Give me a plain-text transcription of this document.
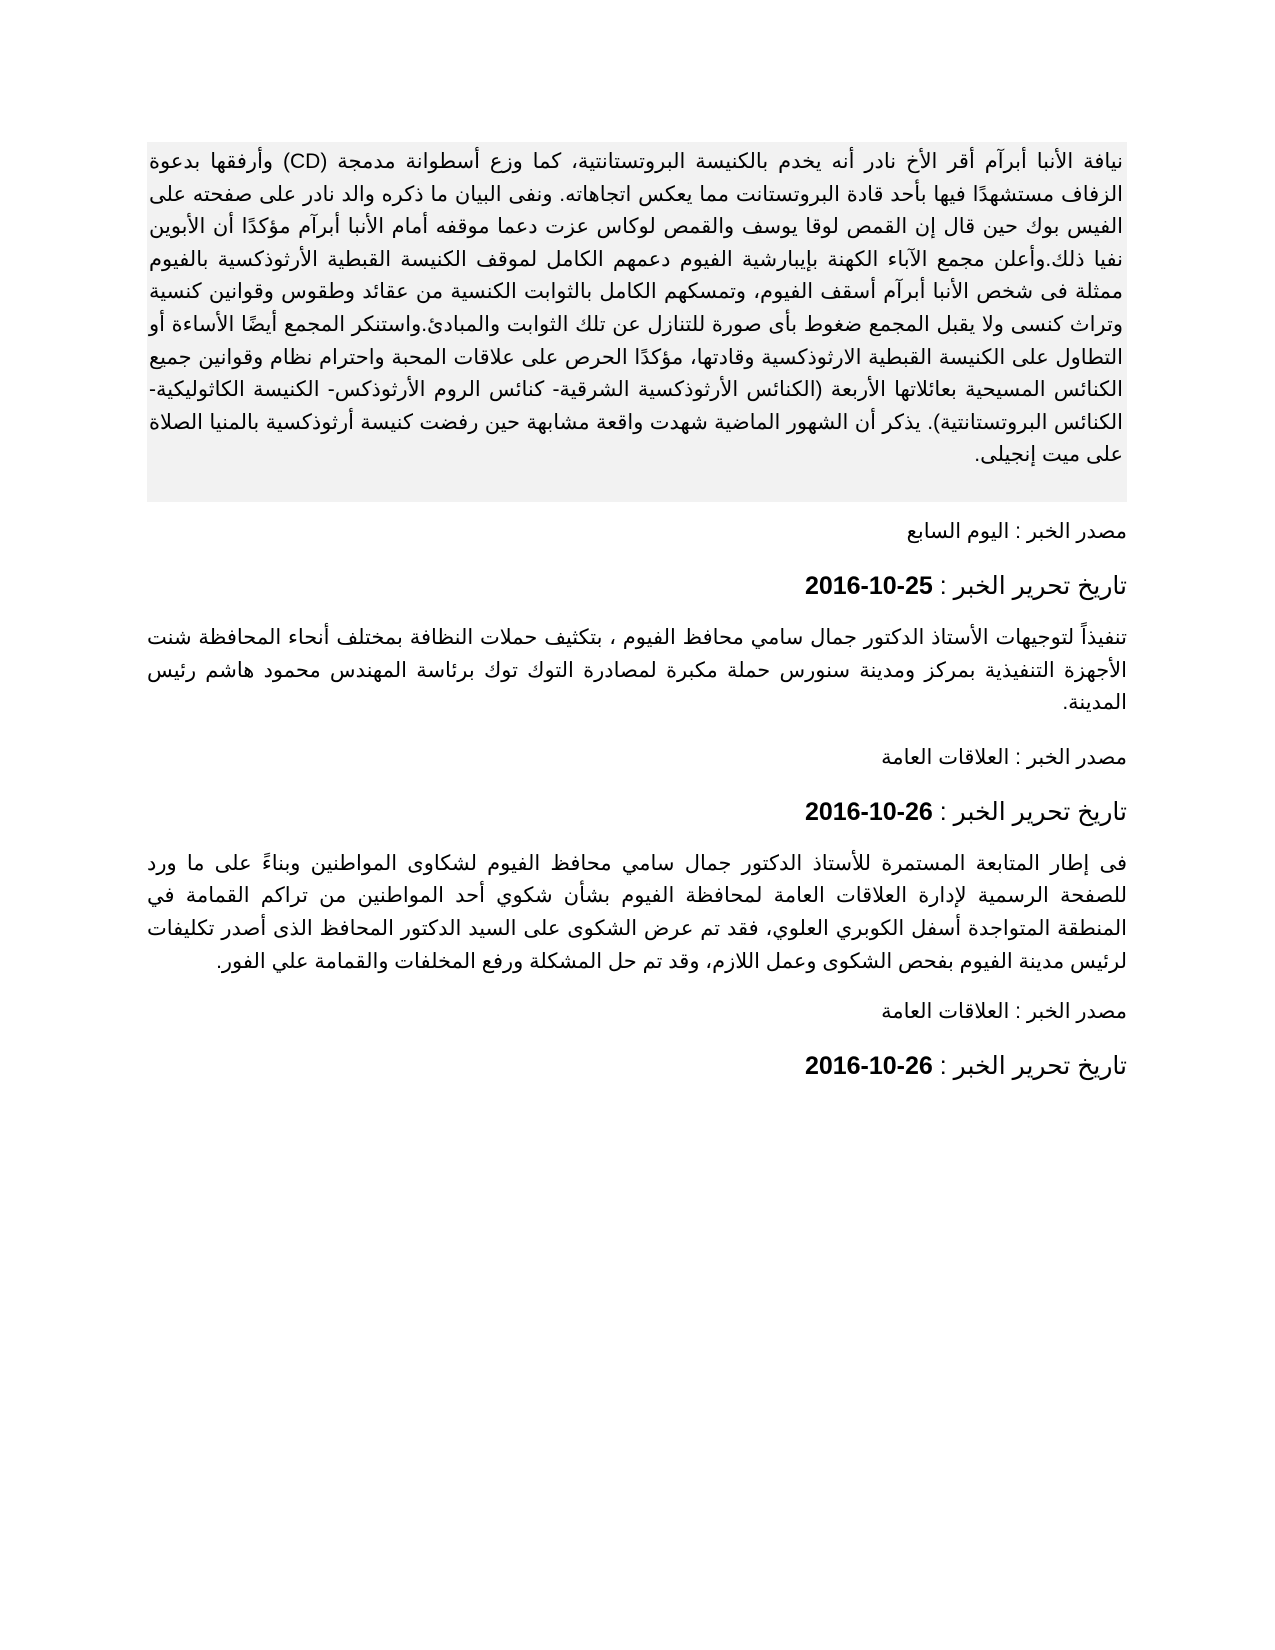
نيافة الأنبا أبرآم أقر الأخ نادر أنه يخدم بالكنيسة البروتستانتية، كما وزع أسطوانة مدمجة (CD) وأرفقها بدعوة الزفاف مستشهدًا فيها بأحد قادة البروتستانت مما يعكس اتجاهاته. ونفى البيان ما ذكره والد نادر على صفحته على الفيس بوك حين قال إن القمص لوقا يوسف والقمص لوكاس عزت دعما موقفه أمام الأنبا أبرآم مؤكدًا أن الأبوين نفيا ذلك.وأعلن مجمع الآباء الكهنة بإيبارشية الفيوم دعمهم الكامل لموقف الكنيسة القبطية الأرثوذكسية بالفيوم ممثلة فى شخص الأنبا أبرآم أسقف الفيوم، وتمسكهم الكامل بالثوابت الكنسية من عقائد وطقوس وقوانين كنسية وتراث كنسى ولا يقبل المجمع ضغوط بأى صورة للتنازل عن تلك الثوابت والمبادئ.واستنكر المجمع أيضًا الأساءة أو التطاول على الكنيسة القبطية الارثوذكسية وقادتها، مؤكدًا الحرص على علاقات المحبة واحترام نظام وقوانين جميع الكنائس المسيحية بعائلاتها الأربعة (الكنائس الأرثوذكسية الشرقية- كنائس الروم الأرثوذكس- الكنيسة الكاثوليكية- الكنائس البروتستانتية). يذكر أن الشهور الماضية شهدت واقعة مشابهة حين رفضت كنيسة أرثوذكسية بالمنيا الصلاة على ميت إنجيلى.

مصدر الخبر : اليوم السابع

تاريخ تحرير الخبر : 2016-10-25

تنفيذاً لتوجيهات الأستاذ الدكتور جمال سامي محافظ الفيوم ، بتكثيف حملات النظافة بمختلف أنحاء المحافظة شنت الأجهزة التنفيذية بمركز ومدينة سنورس حملة مكبرة لمصادرة التوك توك برئاسة المهندس محمود هاشم رئيس المدينة.

مصدر الخبر : العلاقات العامة

تاريخ تحرير الخبر : 2016-10-26

فى إطار المتابعة المستمرة للأستاذ الدكتور جمال سامي محافظ الفيوم لشكاوى المواطنين وبناءً على ما ورد للصفحة الرسمية لإدارة العلاقات العامة لمحافظة الفيوم بشأن شكوي أحد المواطنين من تراكم القمامة في المنطقة المتواجدة أسفل الكوبري العلوي، فقد تم عرض الشكوى على السيد الدكتور المحافظ الذى أصدر تكليفات لرئيس مدينة الفيوم بفحص الشكوى وعمل اللازم، وقد تم حل المشكلة ورفع المخلفات والقمامة علي الفور.

مصدر الخبر : العلاقات العامة

تاريخ تحرير الخبر : 2016-10-26
